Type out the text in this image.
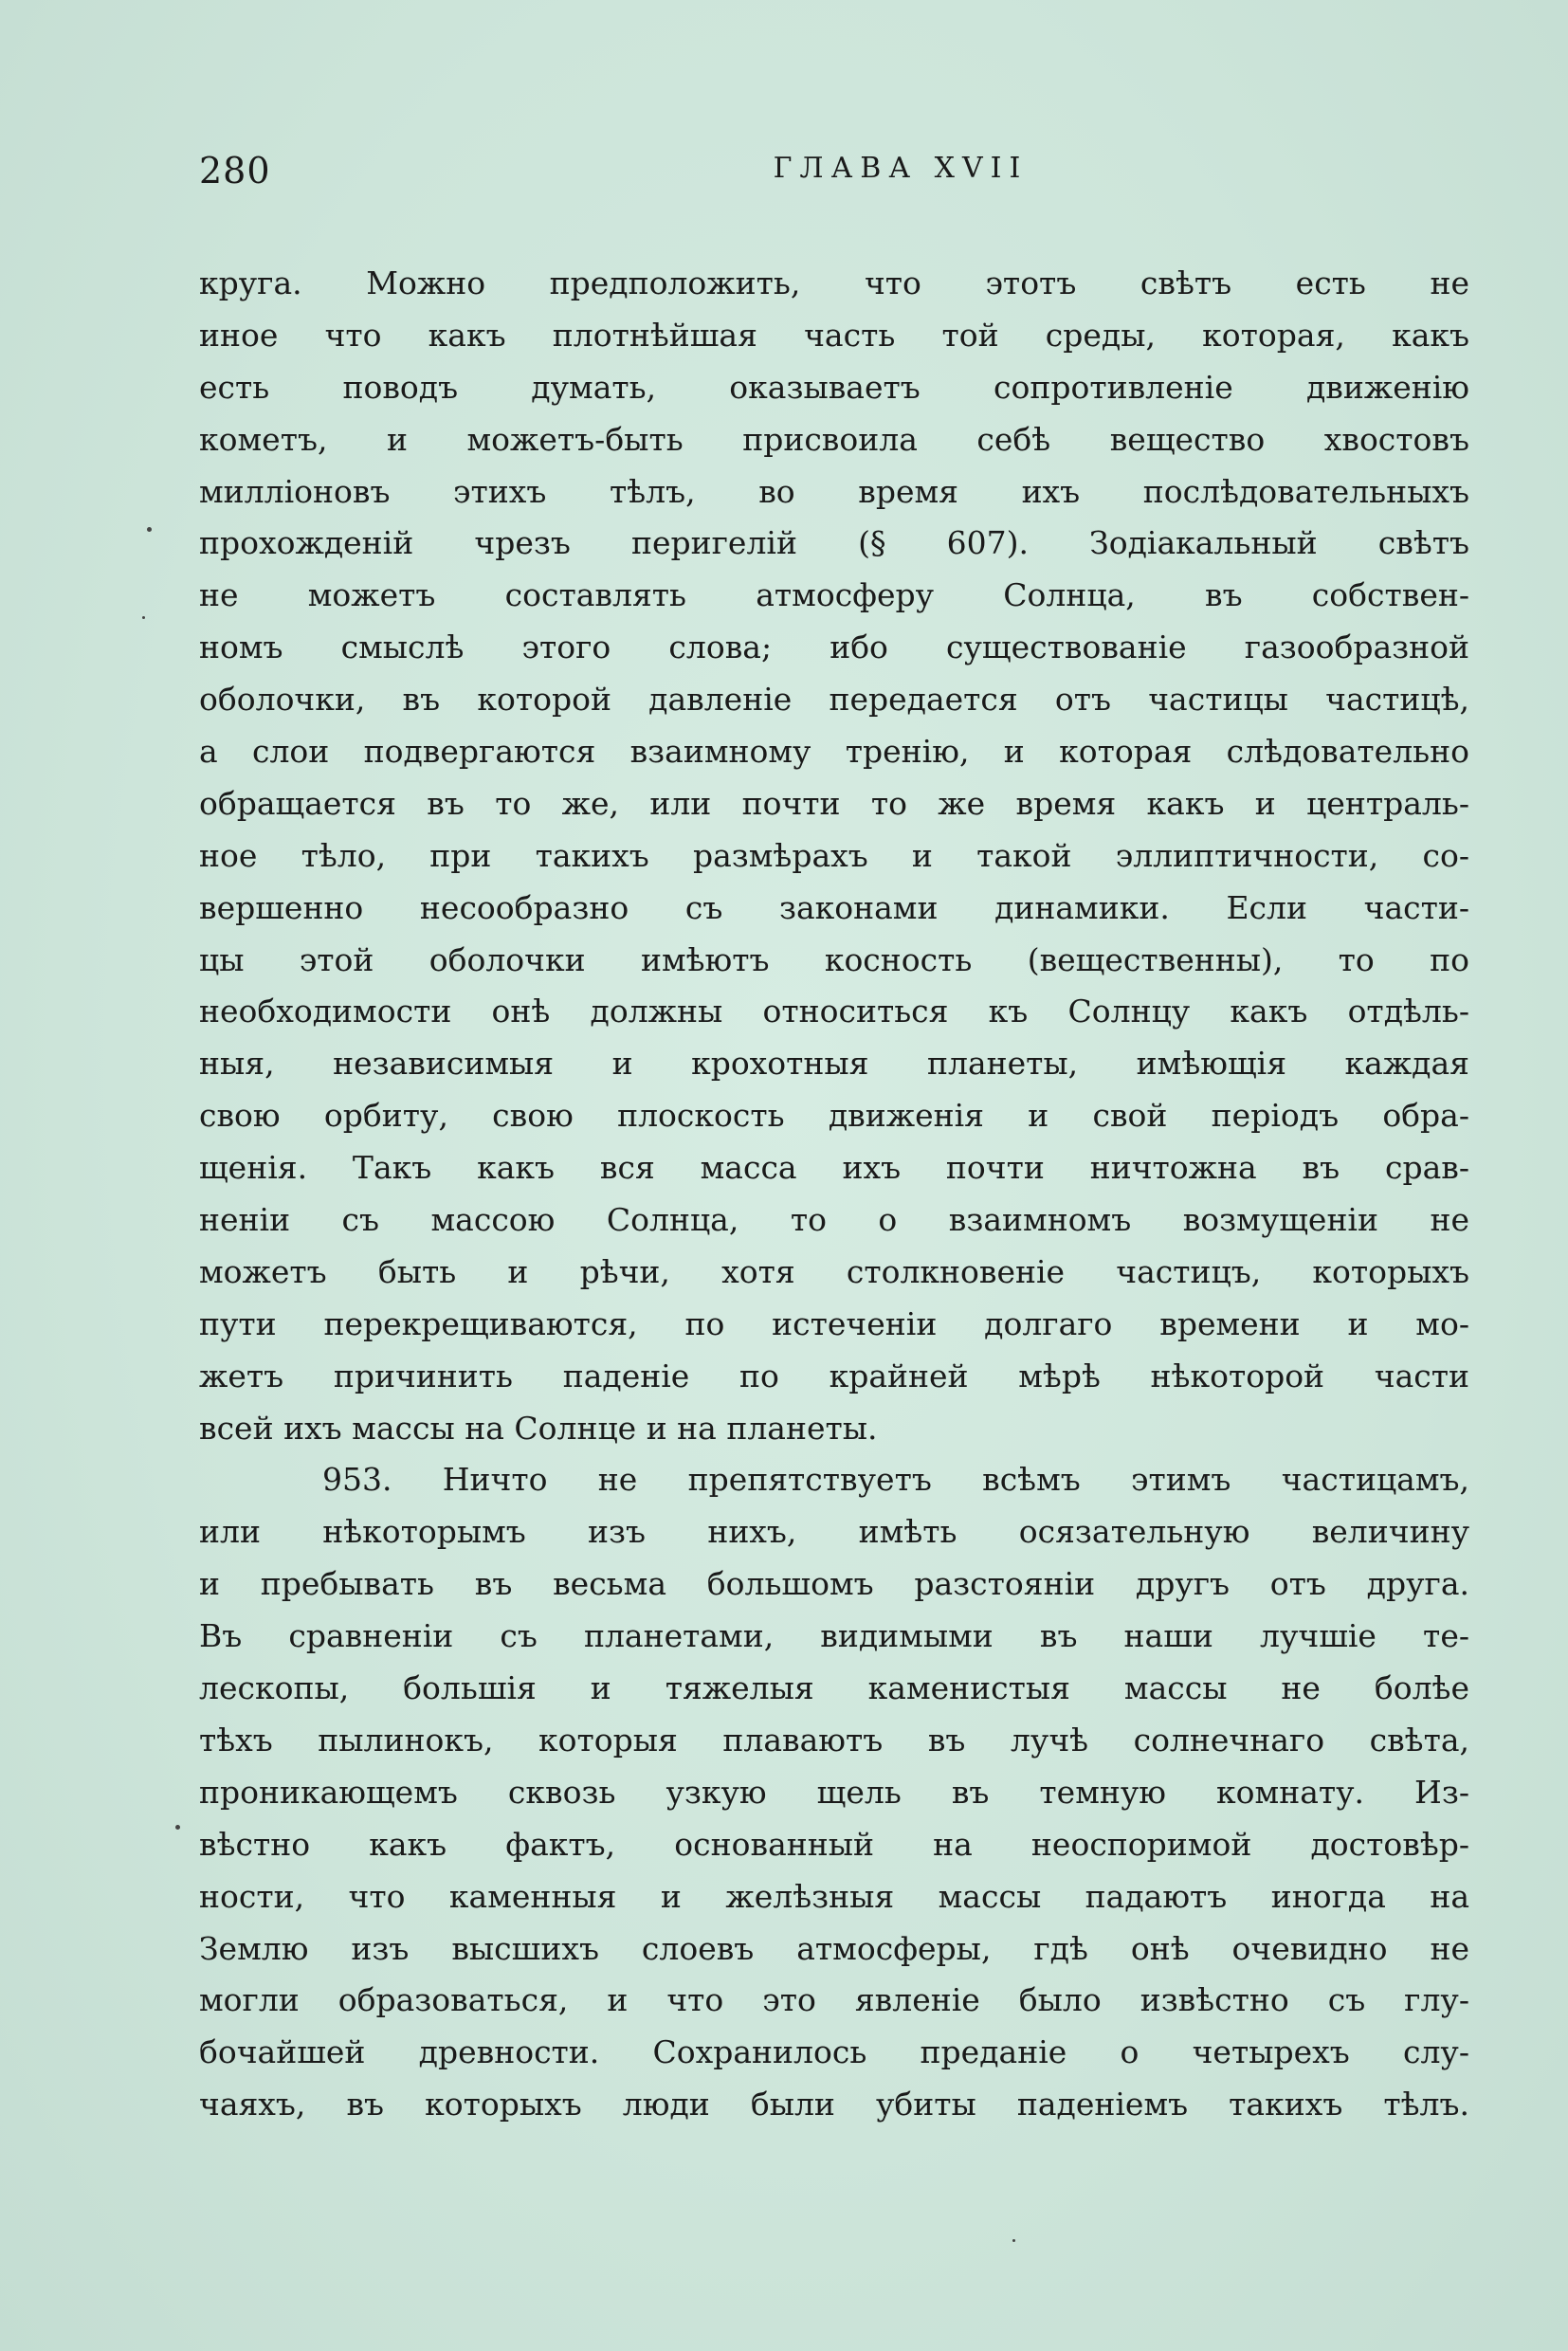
280	ГЛАВА XVII
круга. Можно предположить, что этотъ свѣтъ есть не
иное что какъ плотнѣйшая часть той среды, которая, какъ
есть поводъ думать, оказываетъ сопротивленіе движенію
кометъ, и можетъ-быть присвоила себѣ вещество хвостовъ
милліоновъ этихъ тѣлъ, во время ихъ послѣдовательныхъ
прохожденій чрезъ перигелій (§ 607). Зодіакальный свѣтъ
не можетъ составлять атмосферу Солнца, въ собствен-
номъ смыслѣ этого слова; ибо существованіе газообразной
оболочки, въ которой давленіе передается отъ частицы частицѣ,
а слои подвергаются взаимному тренію, и которая слѣдовательно
обращается въ то же, или почти то же время какъ и централь-
ное тѣло, при такихъ размѣрахъ и такой эллиптичности, со-
вершенно несообразно съ законами динамики. Если части-
цы этой оболочки имѣютъ косность (вещественны), то по
необходимости онѣ должны относиться къ Солнцу какъ отдѣль-
ныя, независимыя и крохотныя планеты, имѣющія каждая
свою орбиту, свою плоскость движенія и свой періодъ обра-
щенія. Такъ какъ вся масса ихъ почти ничтожна въ срав-
неніи съ массою Солнца, то о взаимномъ возмущеніи не
можетъ быть и рѣчи, хотя столкновеніе частицъ, которыхъ
пути перекрещиваются, по истеченіи долгаго времени и мо-
жетъ причинить паденіе по крайней мѣрѣ нѣкоторой части
всей ихъ массы на Солнце и на планеты.
953. Ничто не препятствуетъ всѣмъ этимъ частицамъ,
или нѣкоторымъ изъ нихъ, имѣть осязательную величину
и пребывать въ весьма большомъ разстояніи другъ отъ друга.
Въ сравненіи съ планетами, видимыми въ наши лучшіе те-
лескопы, большія и тяжелыя каменистыя массы не болѣе
тѣхъ пылинокъ, которыя плаваютъ въ лучѣ солнечнаго свѣта,
проникающемъ сквозь узкую щель въ темную комнату. Из-
вѣстно какъ фактъ, основанный на неоспоримой достовѣр-
ности, что каменныя и желѣзныя массы падаютъ иногда на
Землю изъ высшихъ слоевъ атмосферы, гдѣ онѣ очевидно не
могли образоваться, и что это явленіе было извѣстно съ глу-
бочайшей древности. Сохранилось преданіе о четырехъ слу-
чаяхъ, въ которыхъ люди были убиты паденіемъ такихъ тѣлъ.
